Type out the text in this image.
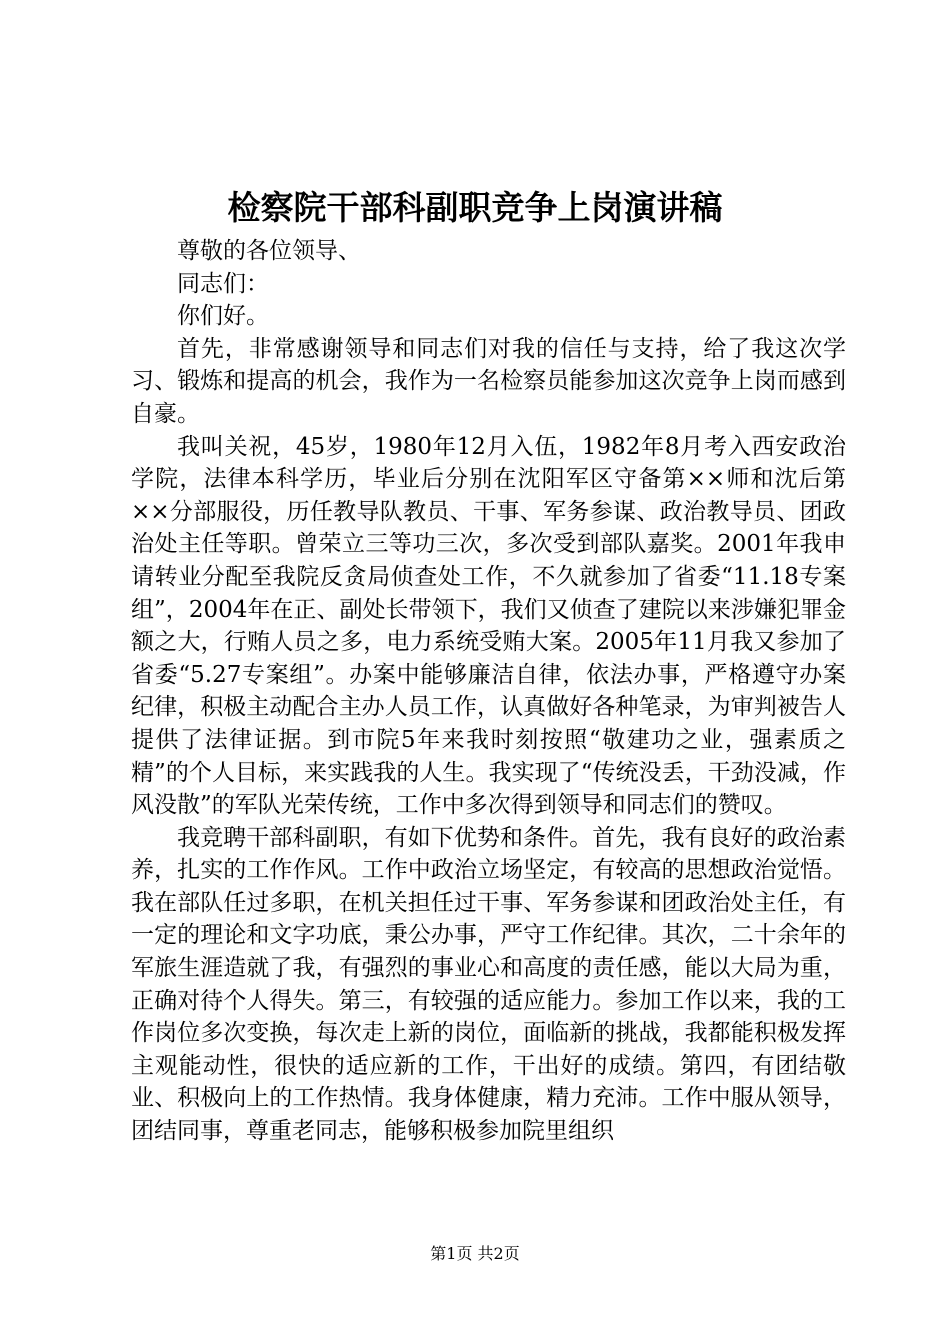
检察院干部科副职竞争上岗演讲稿

尊敬的各位领导、

同志们：

你们好。

首先，非常感谢领导和同志们对我的信任与支持，给了我这次学习、锻炼和提高的机会，我作为一名检察员能参加这次竞争上岗而感到自豪。

我叫关祝，45岁，1980年12月入伍，1982年8月考入西安政治学院，法律本科学历，毕业后分别在沈阳军区守备第××师和沈后第××分部服役，历任教导队教员、干事、军务参谋、政治教导员、团政治处主任等职。曾荣立三等功三次，多次受到部队嘉奖。2001年我申请转业分配至我院反贪局侦查处工作，不久就参加了省委“11.18专案组”，2004年在正、副处长带领下，我们又侦查了建院以来涉嫌犯罪金额之大，行贿人员之多，电力系统受贿大案。2005年11月我又参加了省委“5.27专案组”。办案中能够廉洁自律，依法办事，严格遵守办案纪律，积极主动配合主办人员工作，认真做好各种笔录，为审判被告人提供了法律证据。到市院5年来我时刻按照“敬建功之业，强素质之精”的个人目标，来实践我的人生。我实现了“传统没丢，干劲没减，作风没散”的军队光荣传统，工作中多次得到领导和同志们的赞叹。

我竞聘干部科副职，有如下优势和条件。首先，我有良好的政治素养，扎实的工作作风。工作中政治立场坚定，有较高的思想政治觉悟。我在部队任过多职，在机关担任过干事、军务参谋和团政治处主任，有一定的理论和文字功底，秉公办事，严守工作纪律。其次，二十余年的军旅生涯造就了我，有强烈的事业心和高度的责任感，能以大局为重，正确对待个人得失。第三，有较强的适应能力。参加工作以来，我的工作岗位多次变换，每次走上新的岗位，面临新的挑战，我都能积极发挥主观能动性，很快的适应新的工作，干出好的成绩。第四，有团结敬业、积极向上的工作热情。我身体健康，精力充沛。工作中服从领导，团结同事，尊重老同志，能够积极参加院里组织

第1页 共2页
